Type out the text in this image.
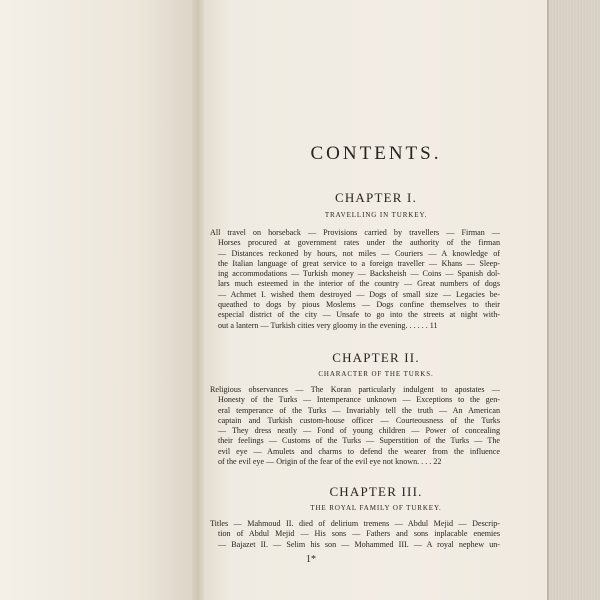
CONTENTS.
CHAPTER I.
TRAVELLING IN TURKEY.
All travel on horseback — Provisions carried by travellers — Firman —
Horses procured at government rates under the authority of the firman
— Distances reckoned by hours, not miles — Couriers — A knowledge of
the Italian language of great service to a foreign traveller — Khans — Sleep-
ing accommodations — Turkish money — Backsheish — Coins — Spanish dol-
lars much esteemed in the interior of the country — Great numbers of dogs
— Achmet I. wished them destroyed — Dogs of small size — Legacies be-
queathed to dogs by pious Moslems — Dogs confine themselves to their
especial district of the city — Unsafe to go into the streets at night with-
out a lantern — Turkish cities very gloomy in the evening. . . . . . 11
CHAPTER II.
CHARACTER OF THE TURKS.
Religious observances — The Koran particularly indulgent to apostates —
Honesty of the Turks — Intemperance unknown — Exceptions to the gen-
eral temperance of the Turks — Invariably tell the truth — An American
captain and Turkish custom-house officer — Courteousness of the Turks
— They dress neatly — Fond of young children — Power of concealing
their feelings — Customs of the Turks — Superstition of the Turks — The
evil eye — Amulets and charms to defend the wearer from the influence
of the evil eye — Origin of the fear of the evil eye not known. . . . 22
CHAPTER III.
THE ROYAL FAMILY OF TURKEY.
Titles — Mahmoud II. died of delirium tremens — Abdul Mejid — Descrip-
tion of Abdul Mejid — His sons — Fathers and sons inplacable enemies
— Bajazet II. — Selim his son — Mohammed III. — A royal nephew un-
1*
